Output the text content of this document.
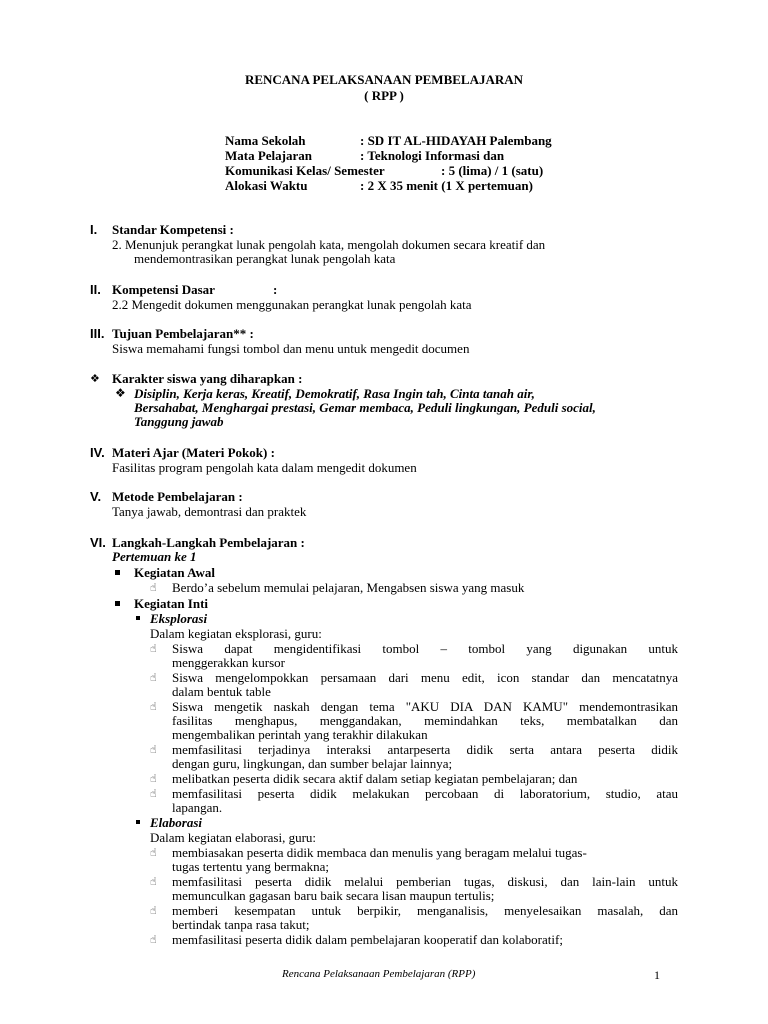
RENCANA PELAKSANAAN PEMBELAJARAN
( RPP )
Nama Sekolah	: SD IT AL-HIDAYAH Palembang
Mata Pelajaran	: Teknologi Informasi dan
Komunikasi Kelas/ Semester	: 5 (lima) / 1 (satu)
Alokasi Waktu	: 2 X 35 menit (1 X pertemuan)
I. Standar Kompetensi :
2. Menunjuk perangkat lunak pengolah kata, mengolah dokumen secara kreatif dan
mendemontrasikan perangkat lunak pengolah kata
II. Kompetensi Dasar	:
2.2 Mengedit dokumen menggunakan perangkat lunak pengolah kata
III. Tujuan Pembelajaran** :
Siswa memahami fungsi tombol dan menu untuk mengedit documen
❖ Karakter siswa yang diharapkan :
❖ Disiplin, Kerja keras, Kreatif, Demokratif, Rasa Ingin tah, Cinta tanah air,
Bersahabat, Menghargai prestasi, Gemar membaca, Peduli lingkungan, Peduli social,
Tanggung jawab
IV. Materi Ajar (Materi Pokok) :
Fasilitas program pengolah kata dalam mengedit dokumen
V. Metode Pembelajaran :
Tanya jawab, demontrasi dan praktek
VI. Langkah-Langkah Pembelajaran :
Pertemuan ke 1
Kegiatan Awal
☝ Berdo’a sebelum memulai pelajaran, Mengabsen siswa yang masuk
Kegiatan Inti
Eksplorasi
Dalam kegiatan eksplorasi, guru:
☝ Siswa dapat mengidentifikasi tombol – tombol yang digunakan untuk
menggerakkan kursor
☝ Siswa mengelompokkan persamaan dari menu edit, icon standar dan mencatatnya
dalam bentuk table
☝ Siswa mengetik naskah dengan tema "AKU DIA DAN KAMU" mendemontrasikan
fasilitas menghapus, menggandakan, memindahkan teks, membatalkan dan
mengembalikan perintah yang terakhir dilakukan
☝ memfasilitasi terjadinya interaksi antarpeserta didik serta antara peserta didik
dengan guru, lingkungan, dan sumber belajar lainnya;
☝ melibatkan peserta didik secara aktif dalam setiap kegiatan pembelajaran; dan
☝ memfasilitasi peserta didik melakukan percobaan di laboratorium, studio, atau
lapangan.
Elaborasi
Dalam kegiatan elaborasi, guru:
☝ membiasakan peserta didik membaca dan menulis yang beragam melalui tugas-
tugas tertentu yang bermakna;
☝ memfasilitasi peserta didik melalui pemberian tugas, diskusi, dan lain-lain untuk
memunculkan gagasan baru baik secara lisan maupun tertulis;
☝ memberi kesempatan untuk berpikir, menganalisis, menyelesaikan masalah, dan
bertindak tanpa rasa takut;
☝ memfasilitasi peserta didik dalam pembelajaran kooperatif dan kolaboratif;
Rencana Pelaksanaan Pembelajaran (RPP)	1
